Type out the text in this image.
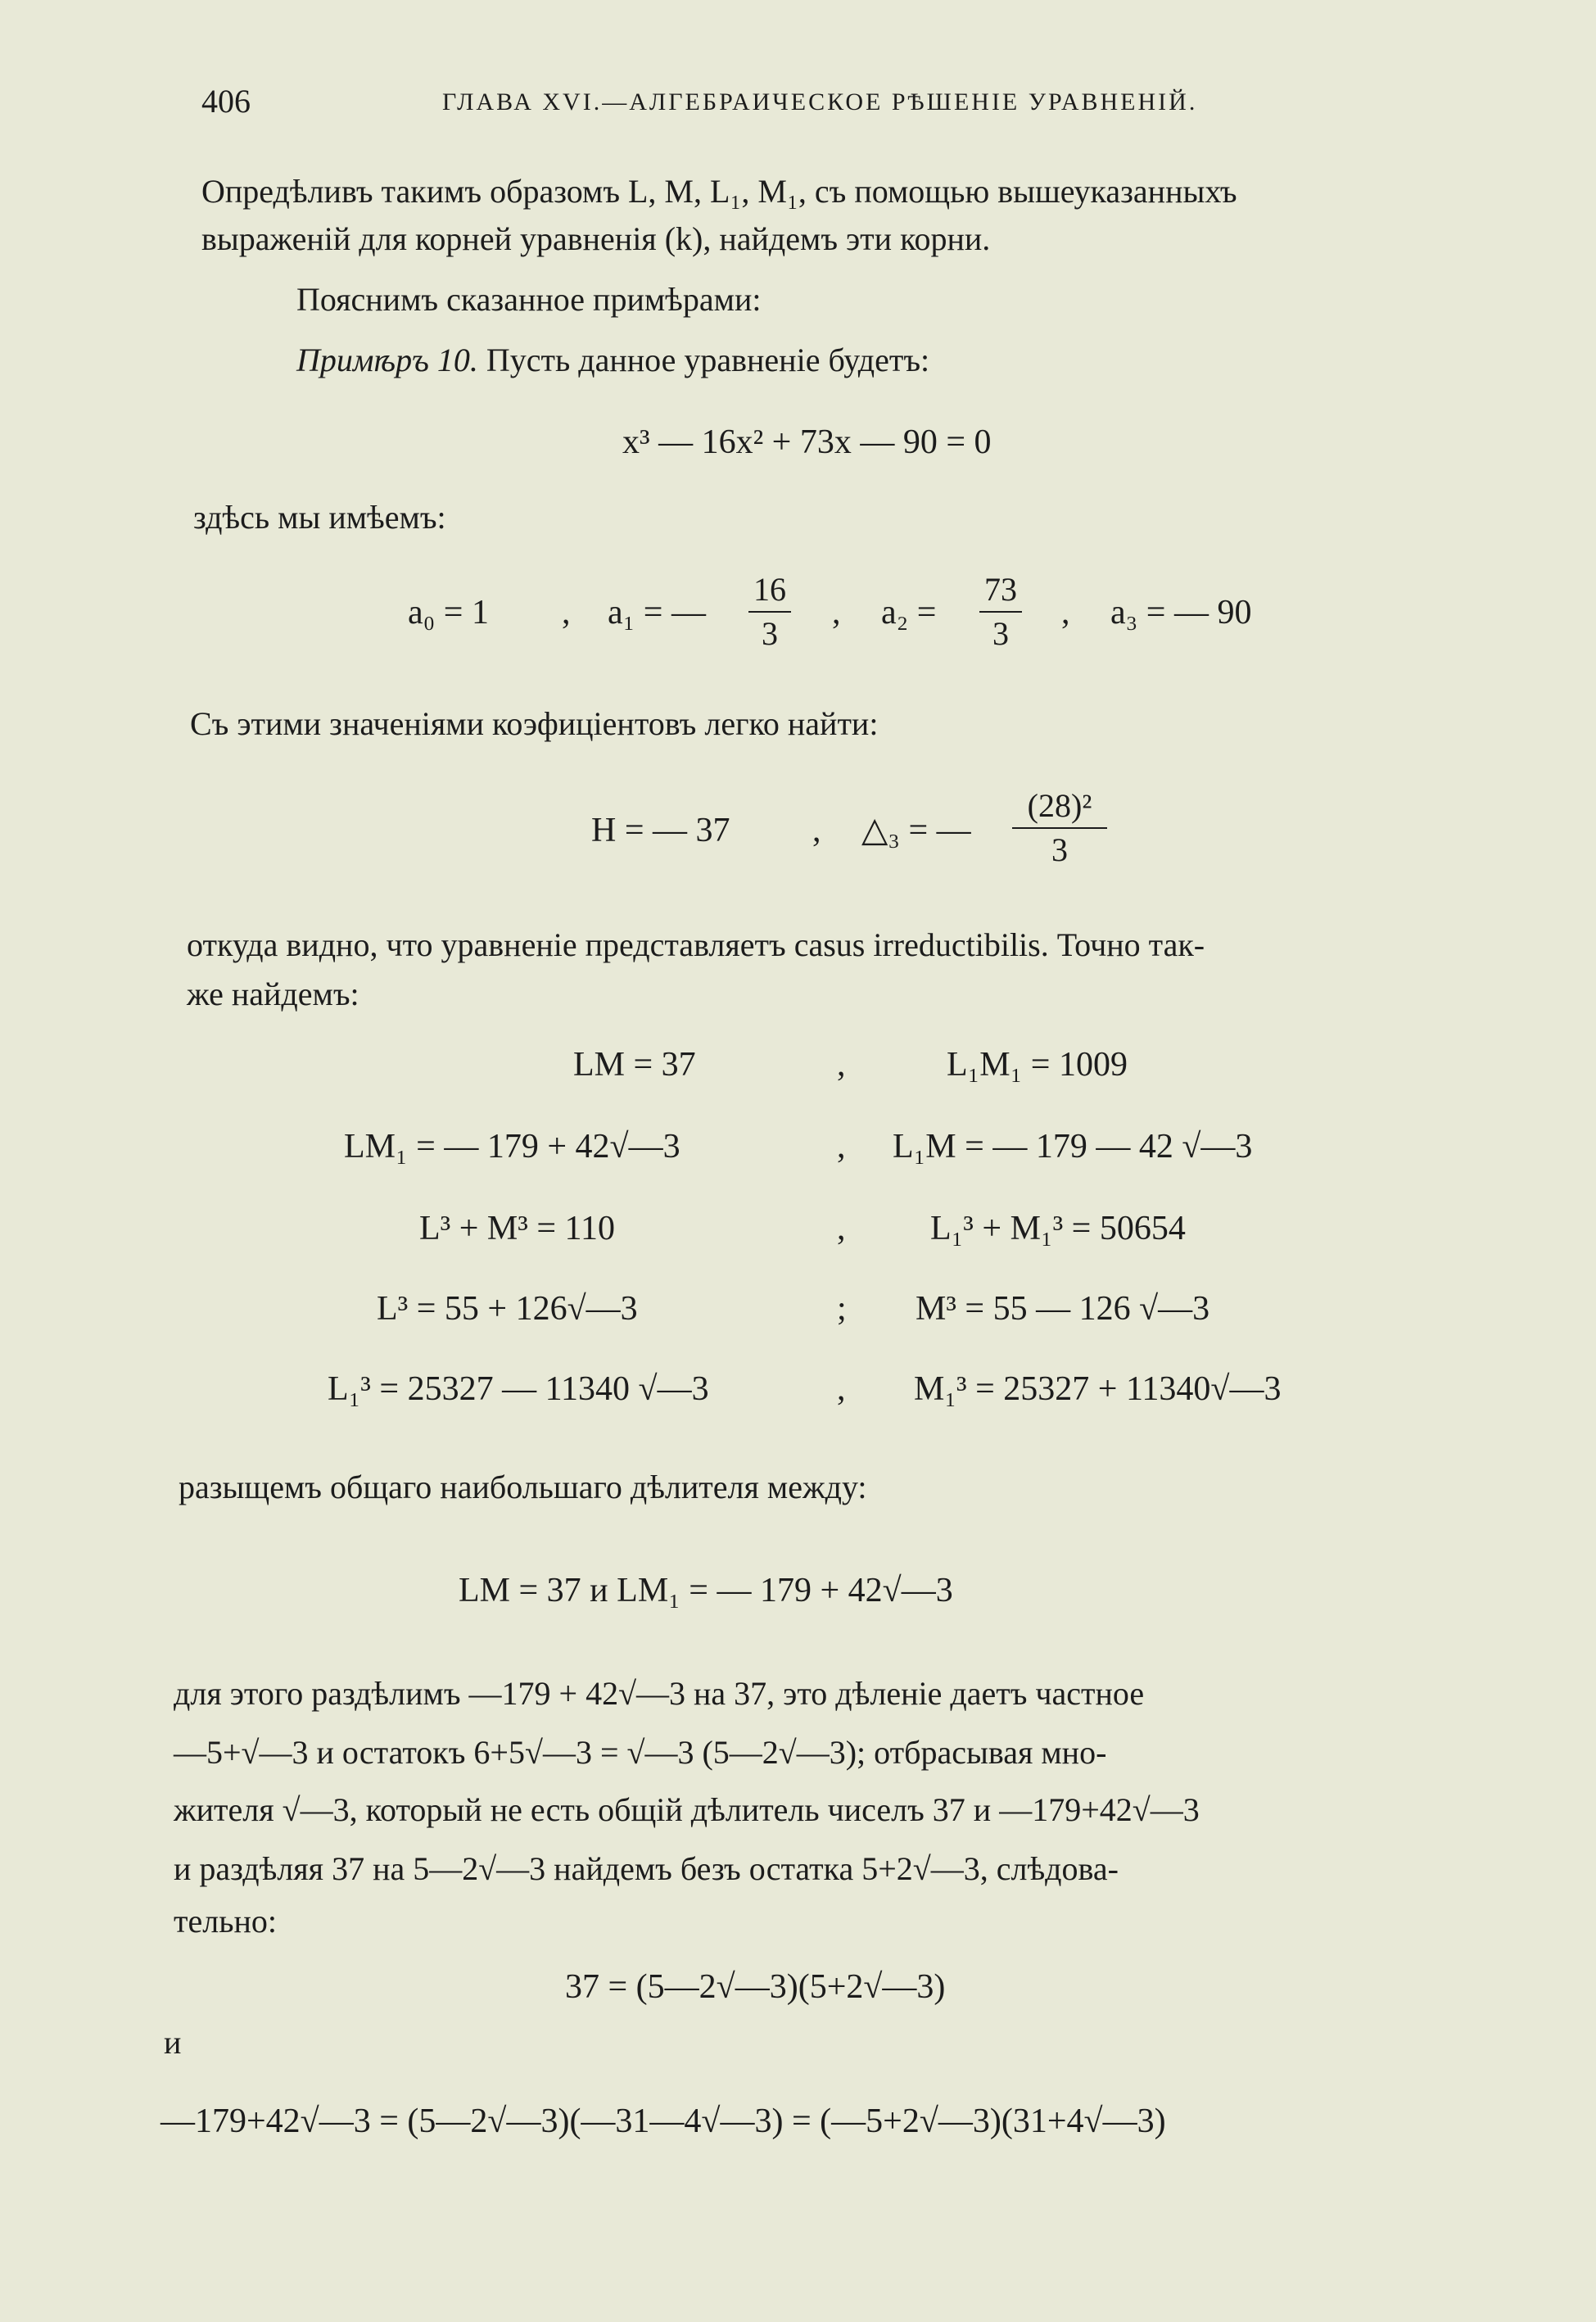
406	ГЛАВА XVI.—АЛГЕБРАИЧЕСКОЕ РѢШЕНІЕ УРАВНЕНІЙ.
Опредѣливъ такимъ образомъ L, M, L₁, M₁, съ помощью вышеуказанныхъ
выраженій для корней уравненія (k), найдемъ эти корни.
Пояснимъ сказанное примѣрами:
Примѣръ 10. Пусть данное уравненіе будетъ:
x³ — 16x² + 73x — 90 = 0
здѣсь мы имѣемъ:
a₀ = 1 , a₁ = —
16
3
, a₂ =
73
3
, a₃ = — 90
Съ этими значеніями коэфиціентовъ легко найти:
H = — 37 , △₃ = —
(28)²
3
откуда видно, что уравненіе представляетъ casus irreductibilis. Точно так-
же найдемъ:
LM = 37	,	L₁M₁ = 1009
LM₁ = — 179 + 42√—3	, L₁M = — 179 — 42 √—3
L³ + M³ = 110	, L₁³ + M₁³ = 50654
L³ = 55 + 126√—3	; M³ = 55 — 126 √—3
L₁³ = 25327 — 11340 √—3	, M₁³ = 25327 + 11340√—3
разыщемъ общаго наибольшаго дѣлителя между:
LM = 37 и LM₁ = — 179 + 42√—3
для этого раздѣлимъ —179 + 42√—3 на 37, это дѣленіе даетъ частное
—5+√—3 и остатокъ 6+5√—3 = √—3 (5—2√—3); отбрасывая мно-
жителя √—3, который не есть общій дѣлитель чиселъ 37 и —179+42√—3
и раздѣляя 37 на 5—2√—3 найдемъ безъ остатка 5+2√—3, слѣдова-
тельно:
37 = (5—2√—3)(5+2√—3)
и
—179+42√—3 = (5—2√—3)(—31—4√—3) = (—5+2√—3)(31+4√—3)
